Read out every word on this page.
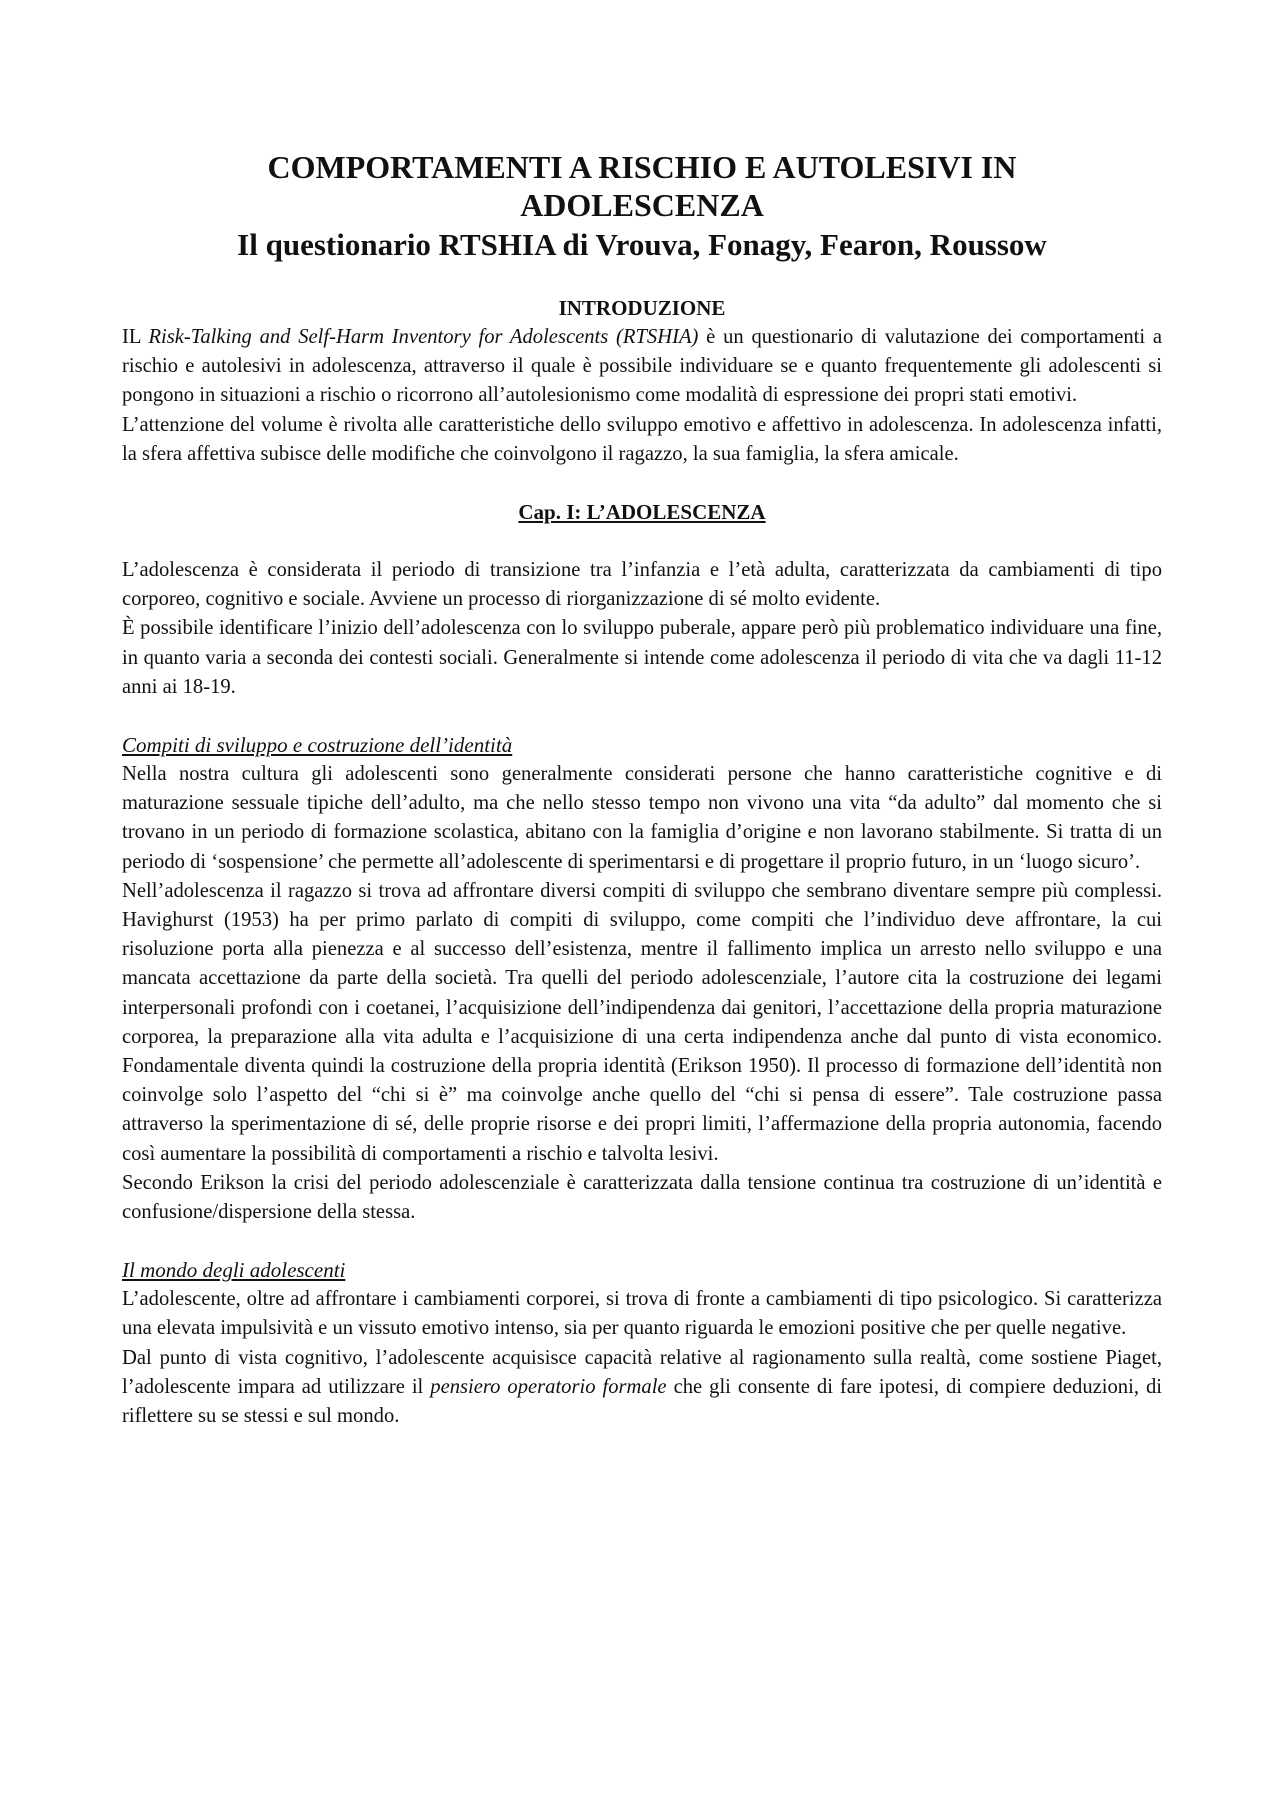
COMPORTAMENTI A RISCHIO E AUTOLESIVI IN
ADOLESCENZA
Il questionario RTSHIA di Vrouva, Fonagy, Fearon, Roussow
INTRODUZIONE

IL Risk-Talking and Self-Harm Inventory for Adolescents (RTSHIA) è un questionario di valutazione dei comportamenti a rischio e autolesivi in adolescenza, attraverso il quale è possibile individuare se e quanto frequentemente gli adolescenti si pongono in situazioni a rischio o ricorrono all’autolesionismo come modalità di espressione dei propri stati emotivi.

L’attenzione del volume è rivolta alle caratteristiche dello sviluppo emotivo e affettivo in adolescenza. In adolescenza infatti, la sfera affettiva subisce delle modifiche che coinvolgono il ragazzo, la sua famiglia, la sfera amicale.

Cap. I: L’ADOLESCENZA

L’adolescenza è considerata il periodo di transizione tra l’infanzia e l’età adulta, caratterizzata da cambiamenti di tipo corporeo, cognitivo e sociale. Avviene un processo di riorganizzazione di sé molto evidente.

È possibile identificare l’inizio dell’adolescenza con lo sviluppo puberale, appare però più problematico individuare una fine, in quanto varia a seconda dei contesti sociali. Generalmente si intende come adolescenza il periodo di vita che va dagli 11-12 anni ai 18-19.

Compiti di sviluppo e costruzione dell’identità

Nella nostra cultura gli adolescenti sono generalmente considerati persone che hanno caratteristiche cognitive e di maturazione sessuale tipiche dell’adulto, ma che nello stesso tempo non vivono una vita “da adulto” dal momento che si trovano in un periodo di formazione scolastica, abitano con la famiglia d’origine e non lavorano stabilmente. Si tratta di un periodo di ‘sospensione’ che permette all’adolescente di sperimentarsi e di progettare il proprio futuro, in un ‘luogo sicuro’.

Nell’adolescenza il ragazzo si trova ad affrontare diversi compiti di sviluppo che sembrano diventare sempre più complessi. Havighurst (1953) ha per primo parlato di compiti di sviluppo, come compiti che l’individuo deve affrontare, la cui risoluzione porta alla pienezza e al successo dell’esistenza, mentre il fallimento implica un arresto nello sviluppo e una mancata accettazione da parte della società. Tra quelli del periodo adolescenziale, l’autore cita la costruzione dei legami interpersonali profondi con i coetanei, l’acquisizione dell’indipendenza dai genitori, l’accettazione della propria maturazione corporea, la preparazione alla vita adulta e l’acquisizione di una certa indipendenza anche dal punto di vista economico. Fondamentale diventa quindi la costruzione della propria identità (Erikson 1950). Il processo di formazione dell’identità non coinvolge solo l’aspetto del “chi si è” ma coinvolge anche quello del “chi si pensa di essere”. Tale costruzione passa attraverso la sperimentazione di sé, delle proprie risorse e dei propri limiti, l’affermazione della propria autonomia, facendo così aumentare la possibilità di comportamenti a rischio e talvolta lesivi.

Secondo Erikson la crisi del periodo adolescenziale è caratterizzata dalla tensione continua tra costruzione di un’identità e confusione/dispersione della stessa.

Il mondo degli adolescenti

L’adolescente, oltre ad affrontare i cambiamenti corporei, si trova di fronte a cambiamenti di tipo psicologico. Si caratterizza una elevata impulsività e un vissuto emotivo intenso, sia per quanto riguarda le emozioni positive che per quelle negative.

Dal punto di vista cognitivo, l’adolescente acquisisce capacità relative al ragionamento sulla realtà, come sostiene Piaget, l’adolescente impara ad utilizzare il pensiero operatorio formale che gli consente di fare ipotesi, di compiere deduzioni, di riflettere su se stessi e sul mondo.
